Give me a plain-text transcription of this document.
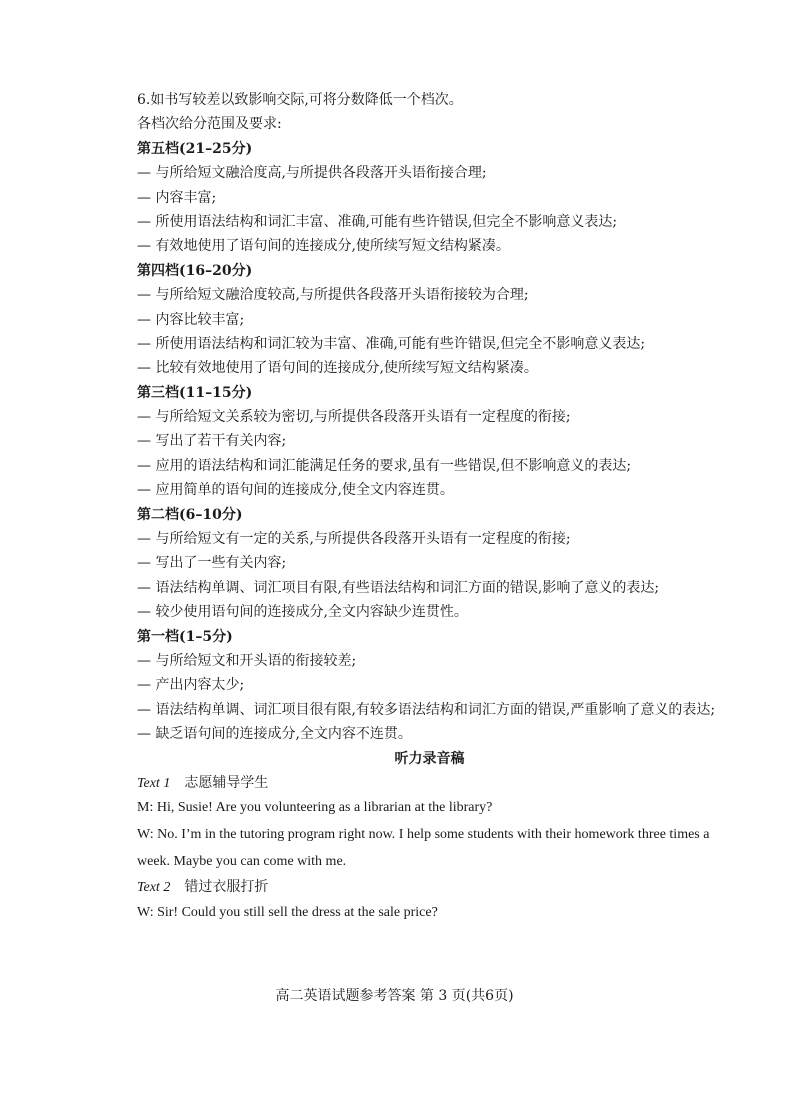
6.如书写较差以致影响交际,可将分数降低一个档次。
各档次给分范围及要求:
第五档(21–25分)
— 与所给短文融洽度高,与所提供各段落开头语衔接合理;
— 内容丰富;
— 所使用语法结构和词汇丰富、准确,可能有些许错误,但完全不影响意义表达;
— 有效地使用了语句间的连接成分,使所续写短文结构紧凑。
第四档(16–20分)
— 与所给短文融洽度较高,与所提供各段落开头语衔接较为合理;
— 内容比较丰富;
— 所使用语法结构和词汇较为丰富、准确,可能有些许错误,但完全不影响意义表达;
— 比较有效地使用了语句间的连接成分,使所续写短文结构紧凑。
第三档(11–15分)
— 与所给短文关系较为密切,与所提供各段落开头语有一定程度的衔接;
— 写出了若干有关内容;
— 应用的语法结构和词汇能满足任务的要求,虽有一些错误,但不影响意义的表达;
— 应用简单的语句间的连接成分,使全文内容连贯。
第二档(6–10分)
— 与所给短文有一定的关系,与所提供各段落开头语有一定程度的衔接;
— 写出了一些有关内容;
— 语法结构单调、词汇项目有限,有些语法结构和词汇方面的错误,影响了意义的表达;
— 较少使用语句间的连接成分,全文内容缺少连贯性。
第一档(1–5分)
— 与所给短文和开头语的衔接较差;
— 产出内容太少;
— 语法结构单调、词汇项目很有限,有较多语法结构和词汇方面的错误,严重影响了意义的表达;
— 缺乏语句间的连接成分,全文内容不连贯。
听力录音稿
Text 1 志愿辅导学生
M: Hi, Susie! Are you volunteering as a librarian at the library?
W: No. I’m in the tutoring program right now. I help some students with their homework three times a week. Maybe you can come with me.
Text 2 错过衣服打折
W: Sir! Could you still sell the dress at the sale price?
高二英语试题参考答案 第 3 页(共6页)
